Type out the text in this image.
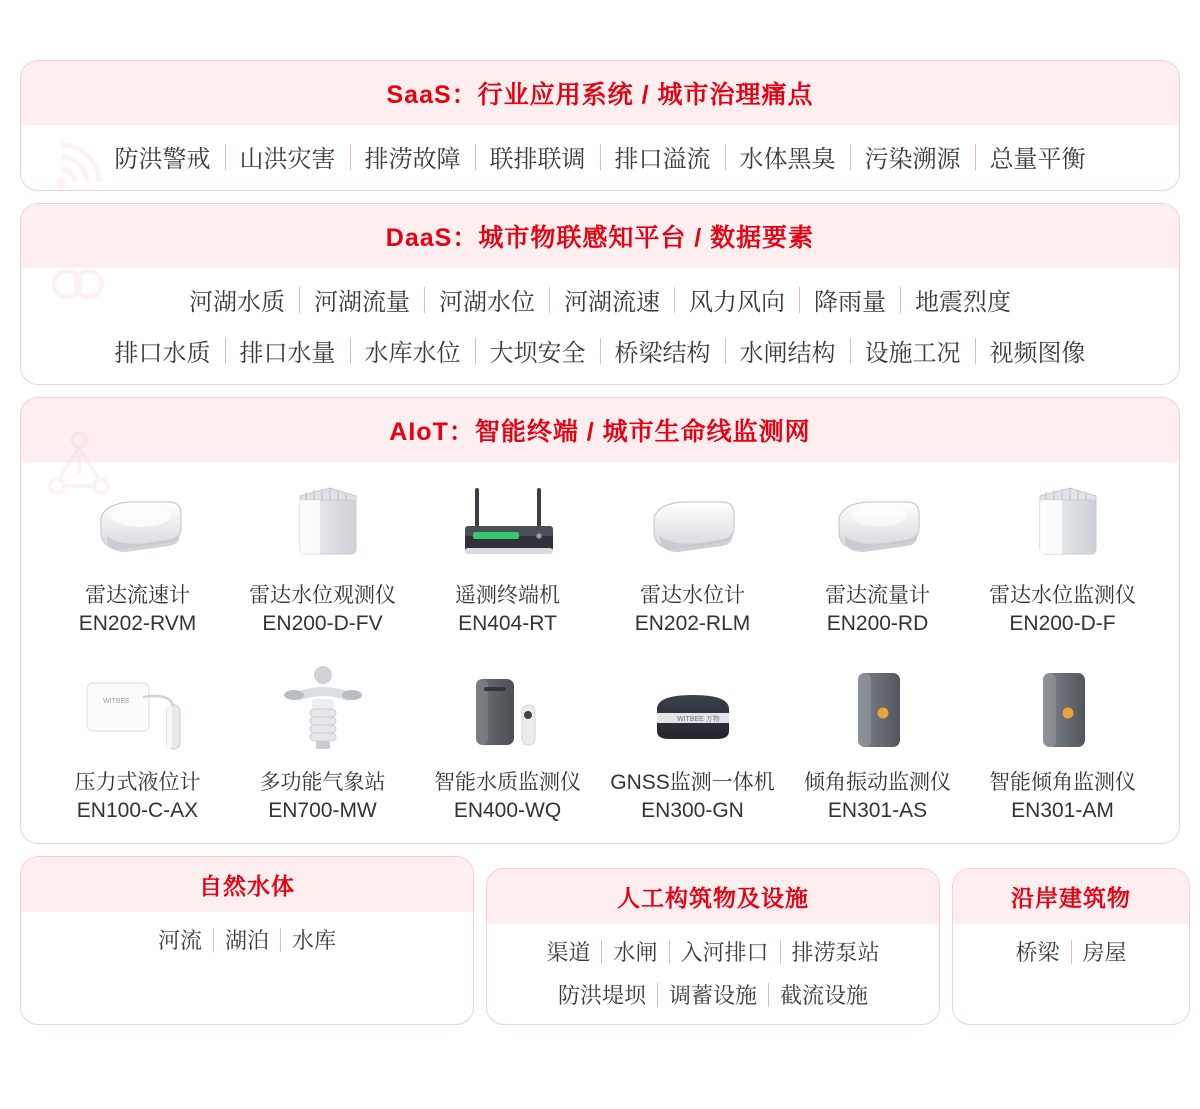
SaaS：行业应用系统 / 城市治理痛点
防洪警戒	山洪灾害	排涝故障	联排联调	排口溢流	水体黑臭	污染溯源	总量平衡
DaaS：城市物联感知平台 / 数据要素
河湖水质	河湖流量	河湖水位	河湖流速	风力风向	降雨量	地震烈度
排口水质	排口水量	水库水位	大坝安全	桥梁结构	水闸结构	设施工况	视频图像
AIoT：智能终端 / 城市生命线监测网
雷达流速计
EN202-RVM
雷达水位观测仪
EN200-D-FV
遥测终端机
EN404-RT
雷达水位计
EN202-RLM
雷达流量计
EN200-RD
雷达水位监测仪
EN200-D-F
WITBEE
压力式液位计
EN100-C-AX
多功能气象站
EN700-MW
智能水质监测仪
EN400-WQ
WITBEE 万物
GNSS监测一体机
EN300-GN
倾角振动监测仪
EN301-AS
智能倾角监测仪
EN301-AM
自然水体
河流	湖泊	水库
人工构筑物及设施
渠道	水闸	入河排口	排涝泵站
防洪堤坝	调蓄设施	截流设施
沿岸建筑物
桥梁	房屋
